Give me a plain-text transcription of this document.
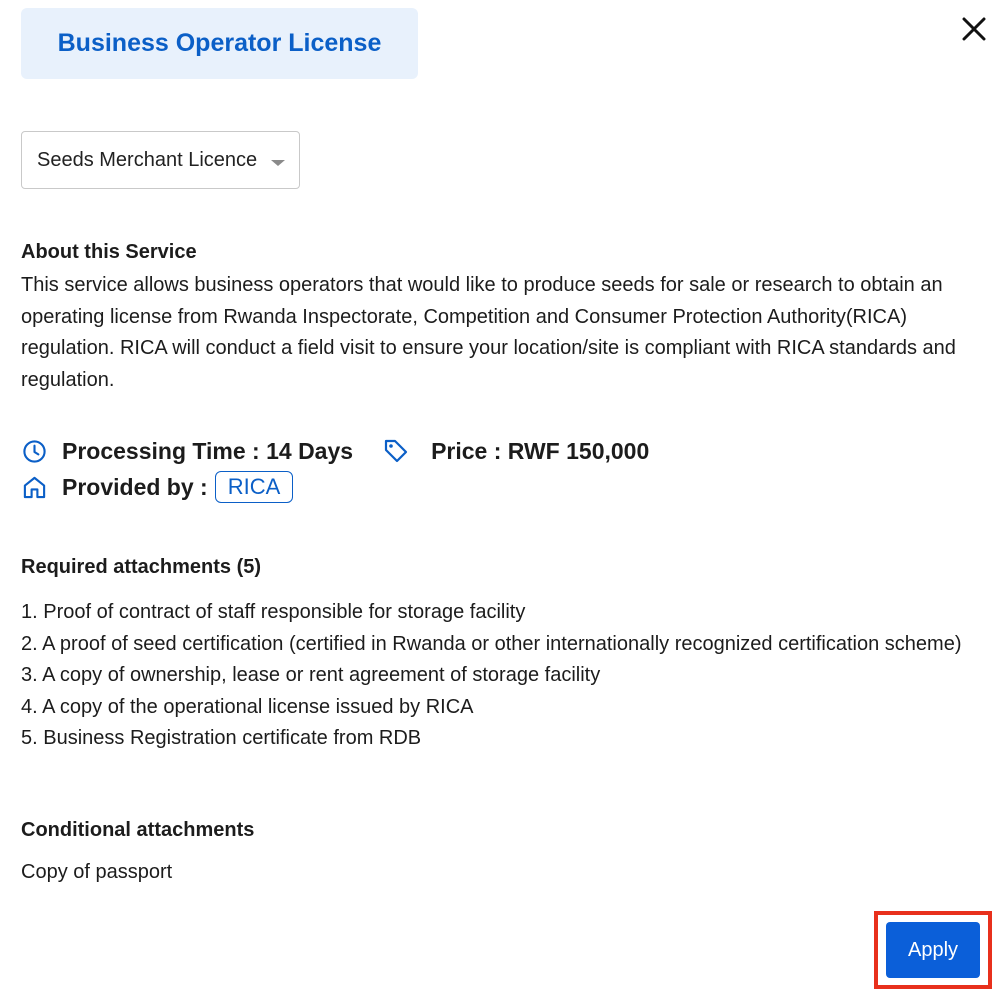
Business Operator License
Seeds Merchant Licence
About this Service
This service allows business operators that would like to produce seeds for sale or research to obtain an operating license from Rwanda Inspectorate, Competition and Consumer Protection Authority(RICA) regulation. RICA will conduct a field visit to ensure your location/site is compliant with RICA standards and regulation.
Processing Time : 14 Days	Price : RWF 150,000
Provided by : RICA
Required attachments (5)
1. Proof of contract of staff responsible for storage facility
2. A proof of seed certification (certified in Rwanda or other internationally recognized certification scheme)
3. A copy of ownership, lease or rent agreement of storage facility
4. A copy of the operational license issued by RICA
5. Business Registration certificate from RDB
Conditional attachments
Copy of passport
Apply
